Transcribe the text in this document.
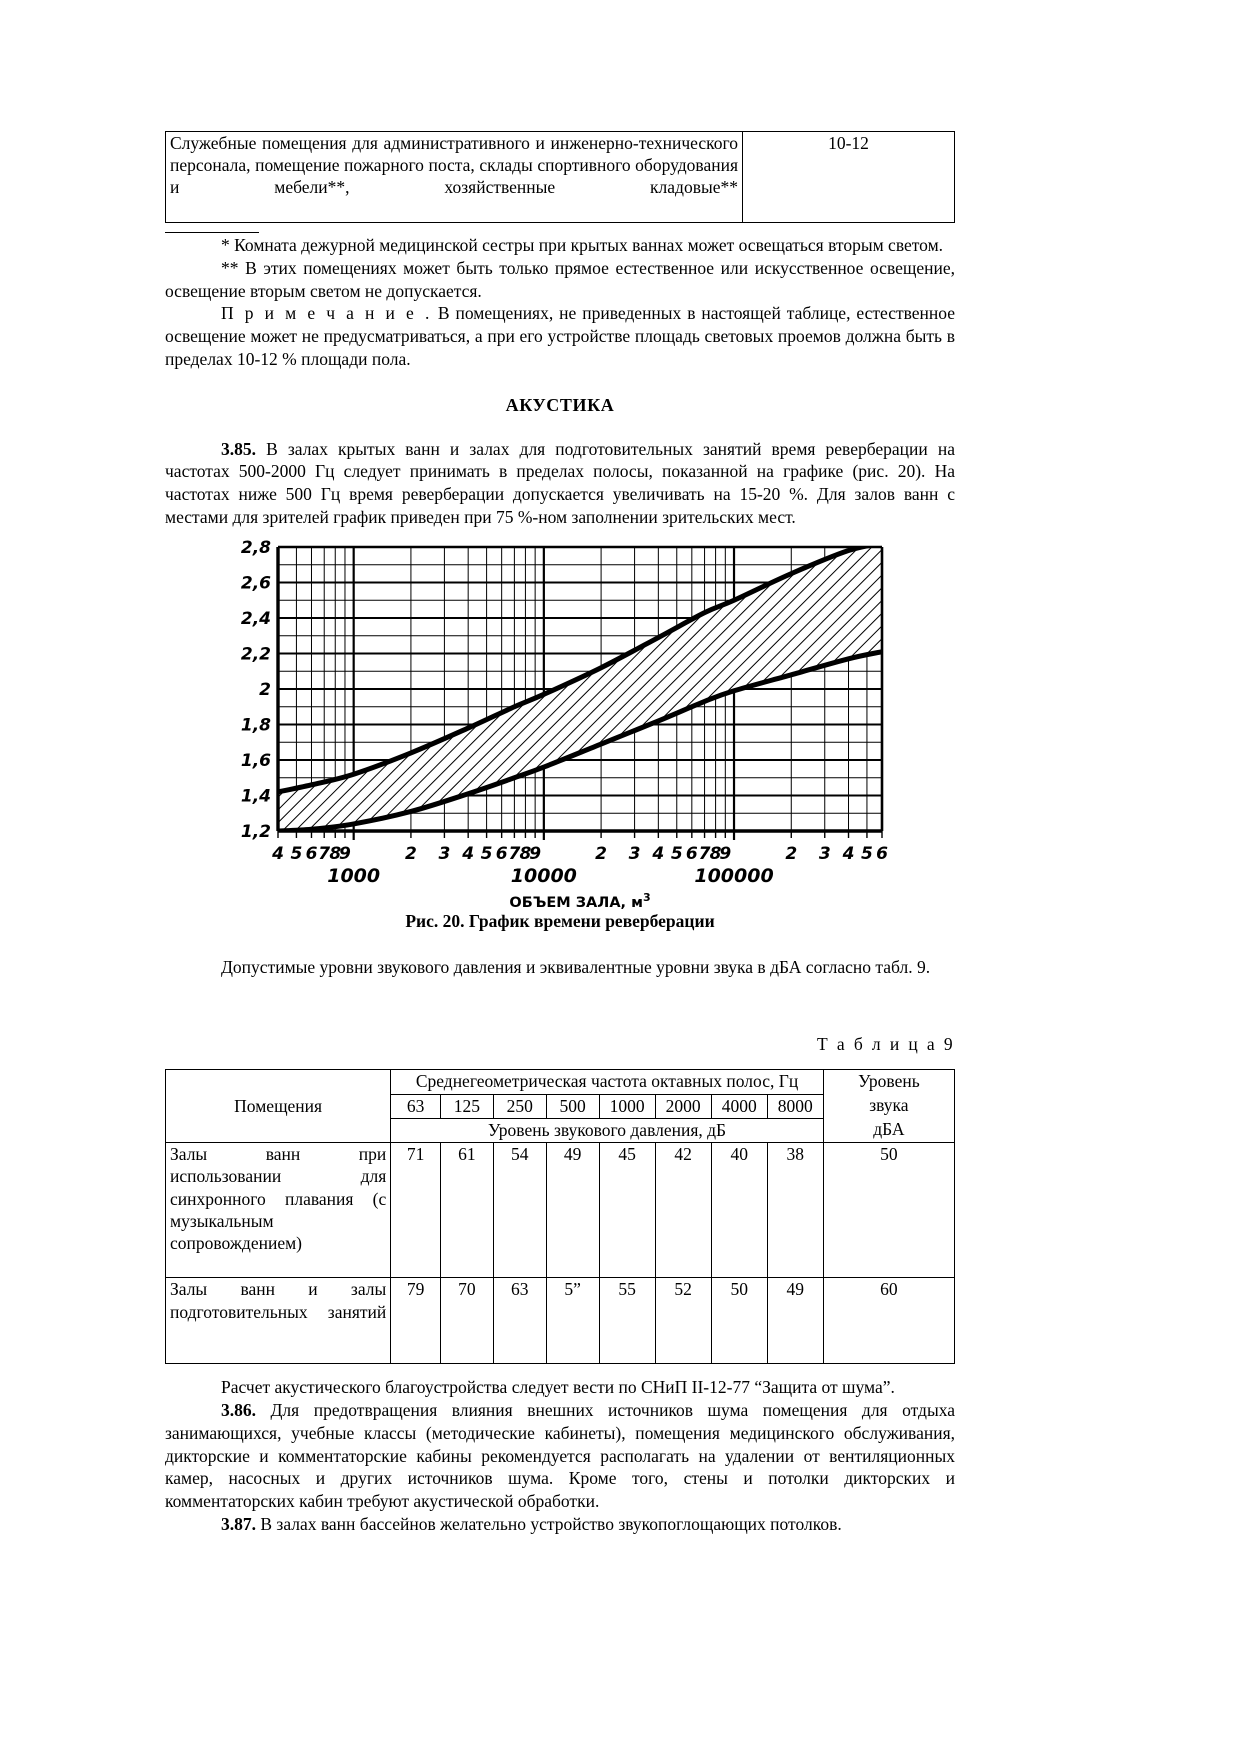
Служебные помещения для административного и инженерно-технического персонала, помещение пожарного поста, склады спортивного оборудования и мебели**, хозяйственные кладовые**
	10-12

* Комната дежурной медицинской сестры при крытых ваннах может освещаться вторым светом.

** В этих помещениях может быть только прямое естественное или искусственное освещение, освещение вторым светом не допускается.

П р и м е ч а н и е . В помещениях, не приведенных в настоящей таблице, естественное освещение может не предусматриваться, а при его устройстве площадь световых проемов должна быть в пределах 10-12 % площади пола.

АКУСТИКА

3.85. В залах крытых ванн и залах для подготовительных занятий время реверберации на частотах 500-2000 Гц следует принимать в пределах полосы, показанной на графике (рис. 20). На частотах ниже 500 Гц время реверберации допускается увеличивать на 15-20 %. Для залов ванн с местами для зрителей график приведен при 75 %-ном заполнении зрительских мест.

2,8
2,6
2,4
2,2
2
1,8
1,6
1,4
1,2
4 5 6 7 8
9	2 3 4 5 6 7 8
9	2 3 4 5 6 7 8
9	2 3 4 5 6
1000	10000	100000
ОБЪЕМ ЗАЛА, $м^3$
Рис. 20. График времени реверберации

Допустимые уровни звукового давления и эквивалентные уровни звука в дБА согласно табл. 9.

Т а б л и ц а 9
	Среднегеометрическая частота октавных полос, Гц								Уровень
Помещения	63	125	250	500	1000	2000	4000	8000	звука
	Уровень звукового давления, дБ								дБА

Залы ванн при использовании для синхронного плавания (с музыкальным сопровождением)	71	61	54	49	45	42	40	38	50

Залы ванн и залы подготовительных занятий	79	70	63	5”	55	52	50	49	60

Расчет акустического благоустройства следует вести по СНиП II-12-77 “Защита от шума”.

3.86. Для предотвращения влияния внешних источников шума помещения для отдыха занимающихся, учебные классы (методические кабинеты), помещения медицинского обслуживания, дикторские и комментаторские кабины рекомендуется располагать на удалении от вентиляционных камер, насосных и других источников шума. Кроме того, стены и потолки дикторских и комментаторских кабин требуют акустической обработки.

3.87. В залах ванн бассейнов желательно устройство звукопоглощающих потолков.
